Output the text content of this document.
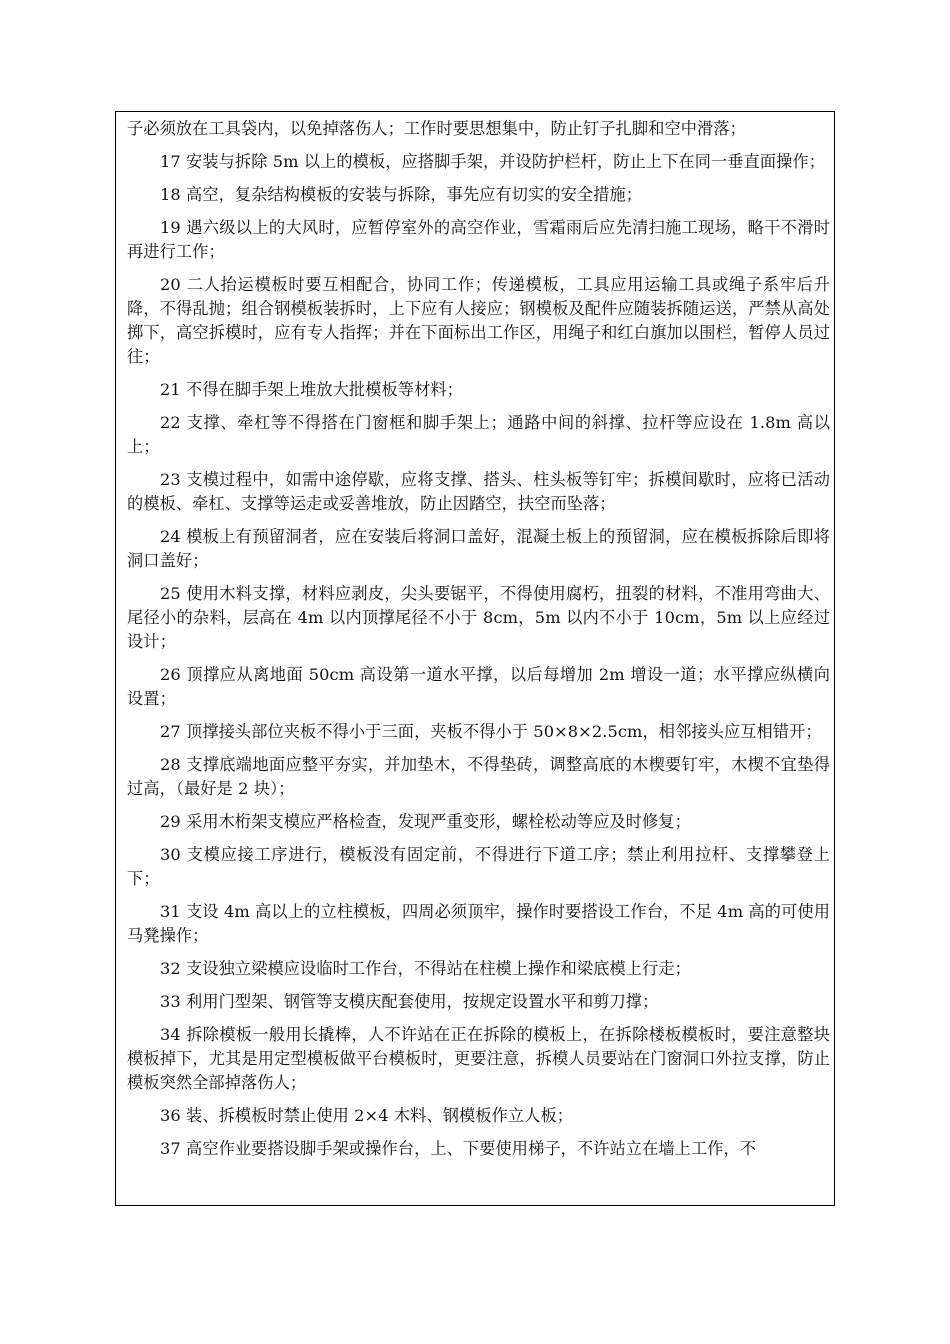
子必须放在工具袋内，以免掉落伤人；工作时要思想集中，防止钉子扎脚和空中滑落；

17 安装与拆除 5m 以上的模板，应搭脚手架，并设防护栏杆，防止上下在同一垂直面操作；

18 高空，复杂结构模板的安装与拆除，事先应有切实的安全措施；

19 遇六级以上的大风时，应暂停室外的高空作业，雪霜雨后应先清扫施工现场，略干不滑时再进行工作；

20 二人抬运模板时要互相配合，协同工作；传递模板，工具应用运输工具或绳子系牢后升降，不得乱抛；组合钢模板装拆时，上下应有人接应；钢模板及配件应随装拆随运送，严禁从高处掷下，高空拆模时，应有专人指挥；并在下面标出工作区，用绳子和红白旗加以围栏，暂停人员过往；

21 不得在脚手架上堆放大批模板等材料；

22 支撑、牵杠等不得搭在门窗框和脚手架上；通路中间的斜撑、拉杆等应设在 1.8m 高以上；

23 支模过程中，如需中途停歇，应将支撑、搭头、柱头板等钉牢；拆模间歇时，应将已活动的模板、牵杠、支撑等运走或妥善堆放，防止因踏空，扶空而坠落；

24 模板上有预留洞者，应在安装后将洞口盖好，混凝土板上的预留洞，应在模板拆除后即将洞口盖好；

25 使用木料支撑，材料应剥皮，尖头要锯平，不得使用腐朽，扭裂的材料，不准用弯曲大、尾径小的杂料，层高在 4m 以内顶撑尾径不小于 8cm，5m 以内不小于 10cm，5m 以上应经过设计；

26 顶撑应从离地面 50cm 高设第一道水平撑，以后每增加 2m 增设一道；水平撑应纵横向设置；

27 顶撑接头部位夹板不得小于三面，夹板不得小于 50×8×2.5cm，相邻接头应互相错开；

28 支撑底端地面应整平夯实，并加垫木，不得垫砖，调整高底的木楔要钉牢，木楔不宜垫得过高，（最好是 2 块）；

29 采用木桁架支模应严格检查，发现严重变形，螺栓松动等应及时修复；

30 支模应接工序进行，模板没有固定前，不得进行下道工序；禁止利用拉杆、支撑攀登上下；

31 支设 4m 高以上的立柱模板，四周必须顶牢，操作时要搭设工作台，不足 4m 高的可使用马凳操作；

32 支设独立梁模应设临时工作台，不得站在柱模上操作和梁底模上行走；

33 利用门型架、钢管等支模庆配套使用，按规定设置水平和剪刀撑；

34 拆除模板一般用长撬棒，人不许站在正在拆除的模板上，在拆除楼板模板时，要注意整块模板掉下，尤其是用定型模板做平台模板时，更要注意，拆模人员要站在门窗洞口外拉支撑，防止模板突然全部掉落伤人；

36 装、拆模板时禁止使用 2×4 木料、钢模板作立人板；

37 高空作业要搭设脚手架或操作台，上、下要使用梯子，不许站立在墙上工作，不
